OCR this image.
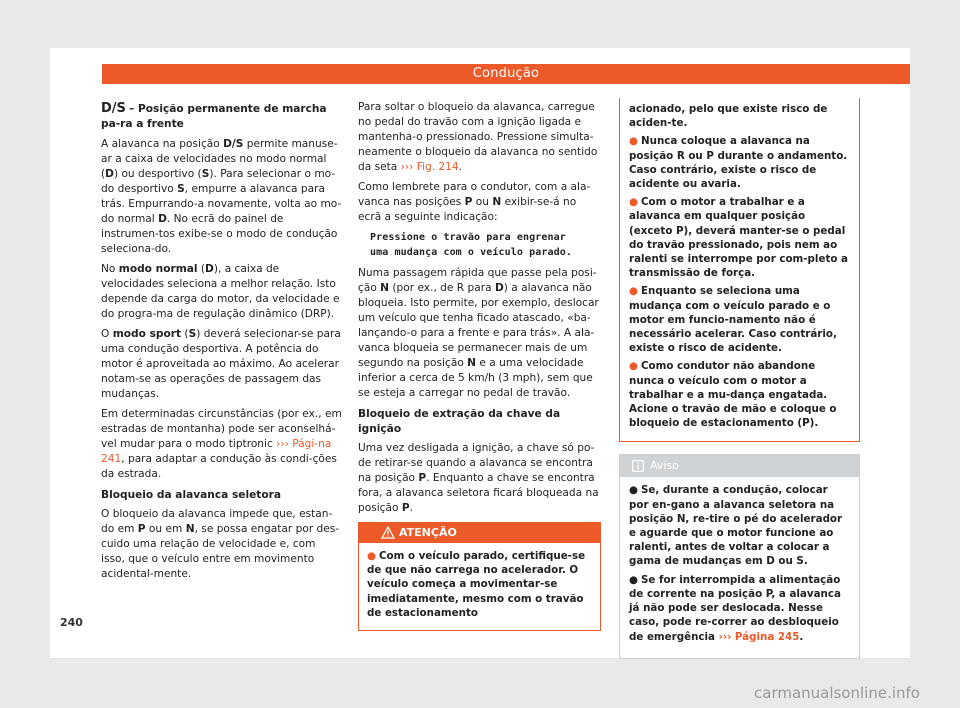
Condução

D/S – Posição permanente de marcha pa-ra a frente

A alavanca na posição D/S permite manuse-ar a caixa de velocidades no modo normal (D) ou desportivo (S). Para selecionar o mo-do desportivo S, empurre a alavanca para trás. Empurrando-a novamente, volta ao mo-do normal D. No ecrã do painel de instrumen-tos exibe-se o modo de condução seleciona-do.

No modo normal (D), a caixa de velocidades seleciona a melhor relação. Isto depende da carga do motor, da velocidade e do progra-ma de regulação dinâmico (DRP).

O modo sport (S) deverá selecionar-se para uma condução desportiva. A potência do motor é aproveitada ao máximo. Ao acelerar notam-se as operações de passagem das mudanças.

Em determinadas circunstâncias (por ex., em estradas de montanha) pode ser aconselhá-vel mudar para o modo tiptronic ››› Pági-na 241, para adaptar a condução às condi-ções da estrada.

Bloqueio da alavanca seletora

O bloqueio da alavanca impede que, estan-do em P ou em N, se possa engatar por des-cuido uma relação de velocidade e, com isso, que o veículo entre em movimento acidental-mente.

Para soltar o bloqueio da alavanca, carregue no pedal do travão com a ignição ligada e mantenha-o pressionado. Pressione simulta-neamente o bloqueio da alavanca no sentido da seta ››› Fig. 214.

Como lembrete para o condutor, com a ala-vanca nas posições P ou N exibir-se-á no ecrã a seguinte indicação:

Pressione o travão para engrenar
uma mudança com o veículo parado.

Numa passagem rápida que passe pela posi-ção N (por ex., de R para D) a alavanca não bloqueia. Isto permite, por exemplo, deslocar um veículo que tenha ficado atascado, «ba-lançando-o para a frente e para trás». A ala-vanca bloqueia se permanecer mais de um segundo na posição N e a uma velocidade inferior a cerca de 5 km/h (3 mph), sem que se esteja a carregar no pedal de travão.

Bloqueio de extração da chave da ignição

Uma vez desligada a ignição, a chave só po-de retirar-se quando a alavanca se encontra na posição P. Enquanto a chave se encontra fora, a alavanca seletora ficará bloqueada na posição P.

ATENÇÃO

● Com o veículo parado, certifique-se de que não carrega no acelerador. O veículo começa a movimentar-se imediatamente, mesmo com o travão de estacionamento

acionado, pelo que existe risco de aciden-te.

● Nunca coloque a alavanca na posição R ou P durante o andamento. Caso contrário, existe o risco de acidente ou avaria.

● Com o motor a trabalhar e a alavanca em qualquer posição (exceto P), deverá manter-se o pedal do travão pressionado, pois nem ao ralenti se interrompe por com-pleto a transmissão de força.

● Enquanto se seleciona uma mudança com o veículo parado e o motor em funcio-namento não é necessário acelerar. Caso contrário, existe o risco de acidente.

● Como condutor não abandone nunca o veículo com o motor a trabalhar e a mu-dança engatada. Acione o travão de mão e coloque o bloqueio de estacionamento (P).

Aviso

● Se, durante a condução, colocar por en-gano a alavanca seletora na posição N, re-tire o pé do acelerador e aguarde que o motor funcione ao ralenti, antes de voltar a colocar a gama de mudanças em D ou S.

● Se for interrompida a alimentação de corrente na posição P, a alavanca já não pode ser deslocada. Nesse caso, pode re-correr ao desbloqueio de emergência ››› Página 245.

240
carmanualsonline.info
